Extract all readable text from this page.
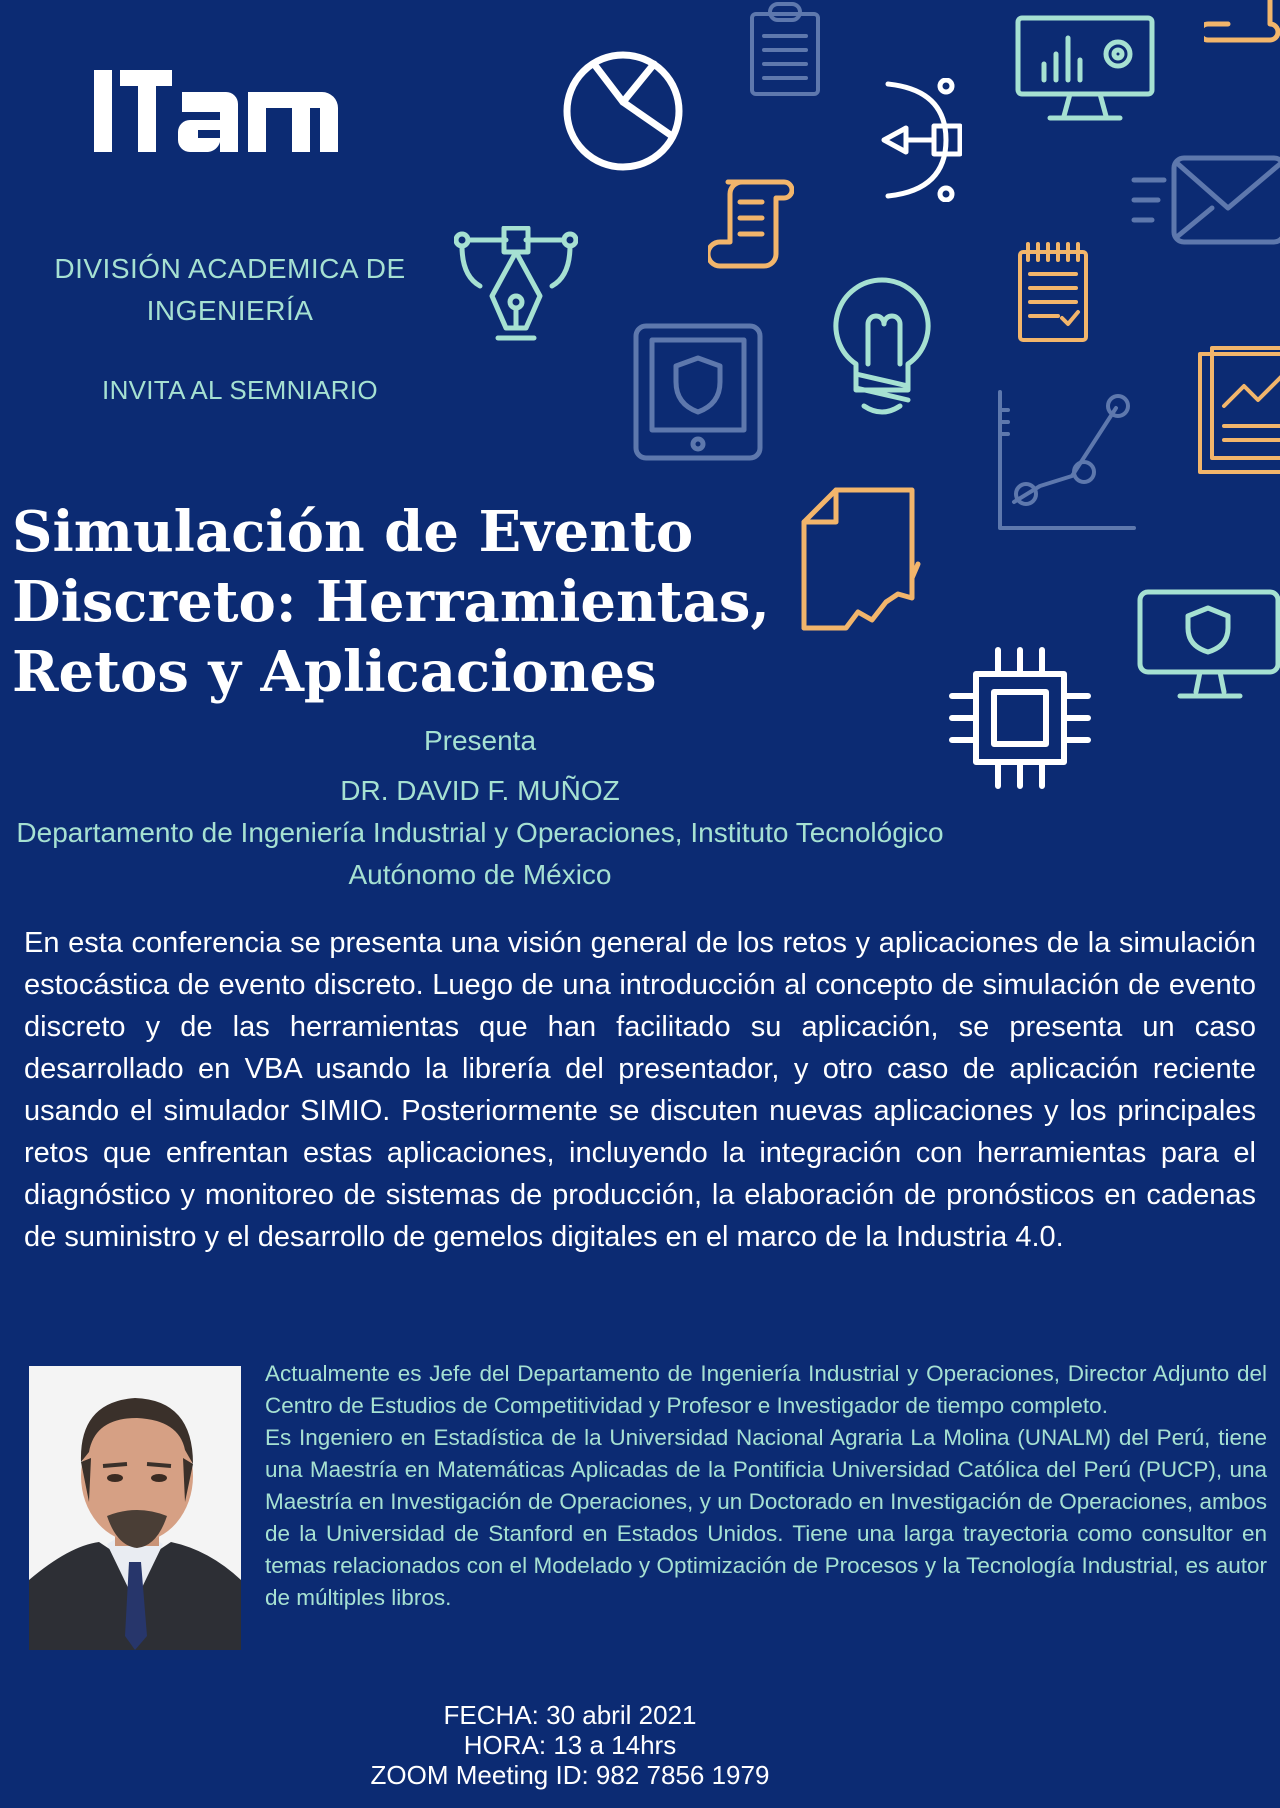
DIVISIÓN ACADEMICA DE INGENIERÍA
INVITA AL SEMNIARIO
Simulación de Evento Discreto: Herramientas, Retos y Aplicaciones
Presenta
DR. DAVID F. MUÑOZ
Departamento de Ingeniería Industrial y Operaciones, Instituto Tecnológico Autónomo de México

En esta conferencia se presenta una visión general de los retos y aplicaciones de la simulación estocástica de evento discreto. Luego de una introducción al concepto de simulación de evento discreto y de las herramientas que han facilitado su aplicación, se presenta un caso desarrollado en VBA usando la librería del presentador, y otro caso de aplicación reciente usando el simulador SIMIO. Posteriormente se discuten nuevas aplicaciones y los principales retos que enfrentan estas aplicaciones, incluyendo la integración con herramientas para el diagnóstico y monitoreo de sistemas de producción, la elaboración de pronósticos en cadenas de suministro y el desarrollo de gemelos digitales en el marco de la Industria 4.0.

Actualmente es Jefe del Departamento de Ingeniería Industrial y Operaciones, Director Adjunto del Centro de Estudios de Competitividad y Profesor e Investigador de tiempo completo.

Es Ingeniero en Estadística de la Universidad Nacional Agraria La Molina (UNALM) del Perú, tiene una Maestría en Matemáticas Aplicadas de la Pontificia Universidad Católica del Perú (PUCP), una Maestría en Investigación de Operaciones, y un Doctorado en Investigación de Operaciones, ambos de la Universidad de Stanford en Estados Unidos. Tiene una larga trayectoria como consultor en temas relacionados con el Modelado y Optimización de Procesos y la Tecnología Industrial, es autor de múltiples libros.

FECHA: 30 abril 2021
HORA: 13 a 14hrs
ZOOM Meeting ID: 982 7856 1979
